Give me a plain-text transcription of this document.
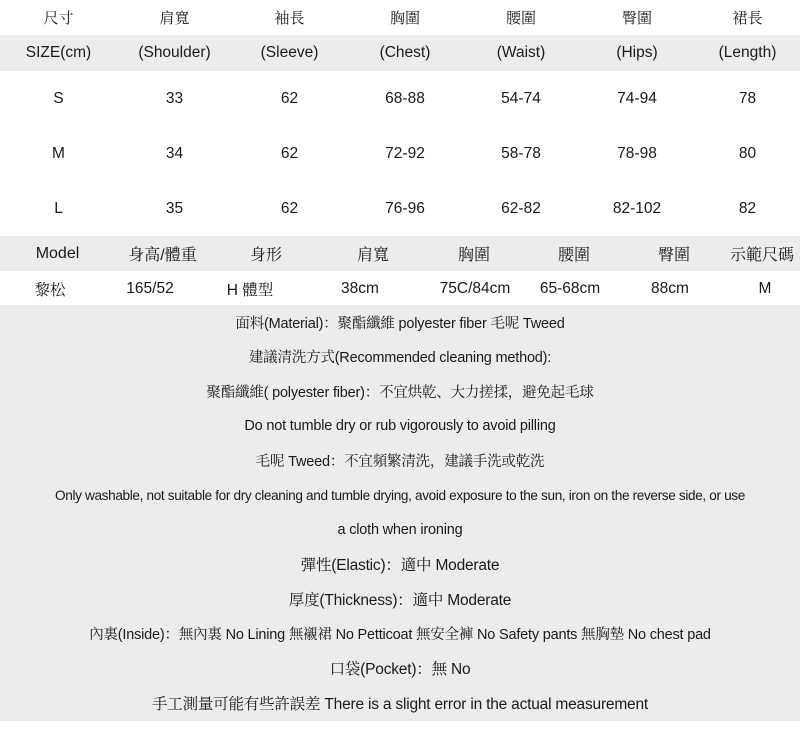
尺寸	肩寬	袖長	胸圍	腰圍	臀圍	裙長
SIZE(cm)	(Shoulder)	(Sleeve)	(Chest)	(Waist)	(Hips)	(Length)
S	33	62	68-88	54-74	74-94	78
M	34	62	72-92	58-78	78-98	80
L	35	62	76-96	62-82	82-102	82
Model	身高/體重	身形	肩寬	胸圍	腰圍	臀圍	示範尺碼
黎松	165/52	H 體型	38cm	75C/84cm	65-68cm	88cm	M
面料(Material)：聚酯纖維 polyester fiber 毛呢 Tweed
建議清洗方式(Recommended cleaning method):
聚酯纖維( polyester fiber)：不宜烘乾、大力搓揉，避免起毛球
Do not tumble dry or rub vigorously to avoid pilling
毛呢 Tweed：不宜頻繁清洗，建議手洗或乾洗
Only washable, not suitable for dry cleaning and tumble drying, avoid exposure to the sun, iron on the reverse side, or use
a cloth when ironing
彈性(Elastic)：適中 Moderate
厚度(Thickness)：適中 Moderate
內裏(Inside)：無內裏 No Lining 無襯裙 No Petticoat 無安全褲 No Safety pants 無胸墊 No chest pad
口袋(Pocket)：無 No
手工測量可能有些許誤差 There is a slight error in the actual measurement
